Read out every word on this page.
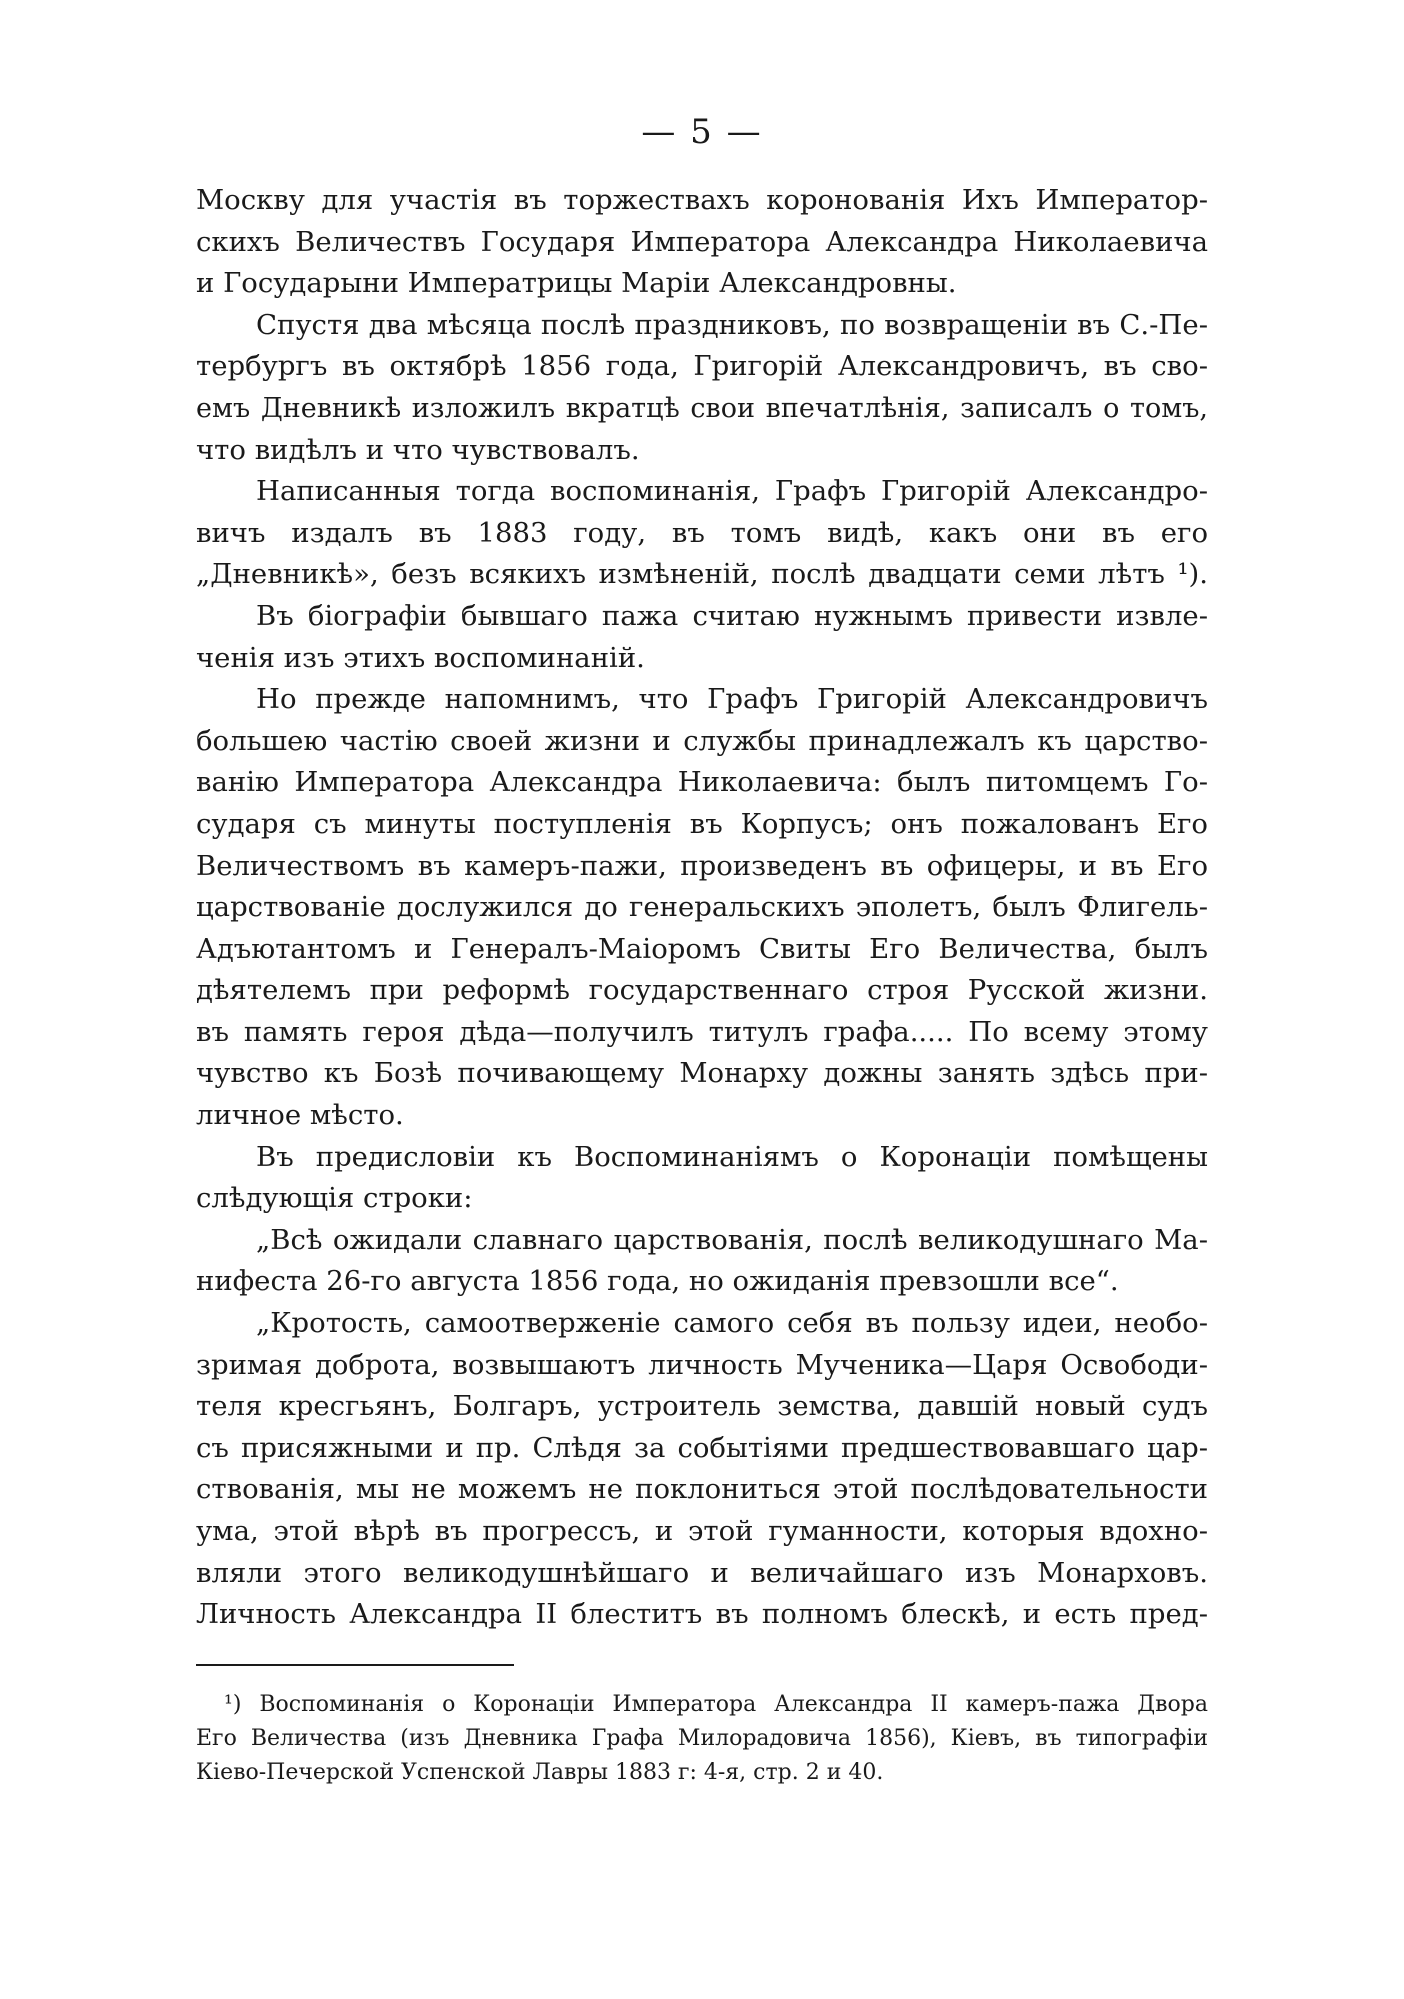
— 5 —
Москву для участія въ торжествахъ коронованія Ихъ Император-
скихъ Величествъ Государя Императора Александра Николаевича
и Государыни Императрицы Маріи Александровны.
Спустя два мѣсяца послѣ праздниковъ, по возвращеніи въ С.-Пе-
тербургъ въ октябрѣ 1856 года, Григорій Александровичъ, въ сво-
емъ Дневникѣ изложилъ вкратцѣ свои впечатлѣнія, записалъ о томъ,
что видѣлъ и что чувствовалъ.
Написанныя тогда воспоминанія, Графъ Григорій Александро-
вичъ издалъ въ 1883 году, въ томъ видѣ, какъ они въ его
„Дневникѣ», безъ всякихъ измѣненій, послѣ двадцати семи лѣтъ ¹).
Въ біографіи бывшаго пажа считаю нужнымъ привести извле-
ченія изъ этихъ воспоминаній.
Но прежде напомнимъ, что Графъ Григорій Александровичъ
большею частію своей жизни и службы принадлежалъ къ царство-
ванію Императора Александра Николаевича: былъ питомцемъ Го-
сударя съ минуты поступленія въ Корпусъ; онъ пожалованъ Его
Величествомъ въ камеръ-пажи, произведенъ въ офицеры, и въ Его
царствованіе дослужился до генеральскихъ эполетъ, былъ Флигель-
Адъютантомъ и Генералъ-Маіоромъ Свиты Его Величества, былъ
дѣятелемъ при реформѣ государственнаго строя Русской жизни.
въ память героя дѣда—получилъ титулъ графа..... По всему этому
чувство къ Бозѣ почивающему Монарху дожны занять здѣсь при-
личное мѣсто.
Въ предисловіи къ Воспоминаніямъ о Коронаціи помѣщены
слѣдующія строки:
„Всѣ ожидали славнаго царствованія, послѣ великодушнаго Ма-
нифеста 26-го августа 1856 года, но ожиданія превзошли все“.
„Кротость, самоотверженіе самого себя въ пользу идеи, необо-
зримая доброта, возвышаютъ личность Мученика—Царя Освободи-
теля кресгьянъ, Болгаръ, устроитель земства, давшій новый судъ
съ присяжными и пр. Слѣдя за событіями предшествовавшаго цар-
ствованія, мы не можемъ не поклониться этой послѣдовательности
ума, этой вѣрѣ въ прогрессъ, и этой гуманности, которыя вдохно-
вляли этого великодушнѣйшаго и величайшаго изъ Монарховъ.
Личность Александра II блеститъ въ полномъ блескѣ, и есть пред-
¹) Воспоминанія о Коронаціи Императора Александра II камеръ-пажа Двора
Его Величества (изъ Дневника Графа Милорадовича 1856), Кіевъ, въ типографіи
Кіево-Печерской Успенской Лавры 1883 г: 4-я, стр. 2 и 40.
